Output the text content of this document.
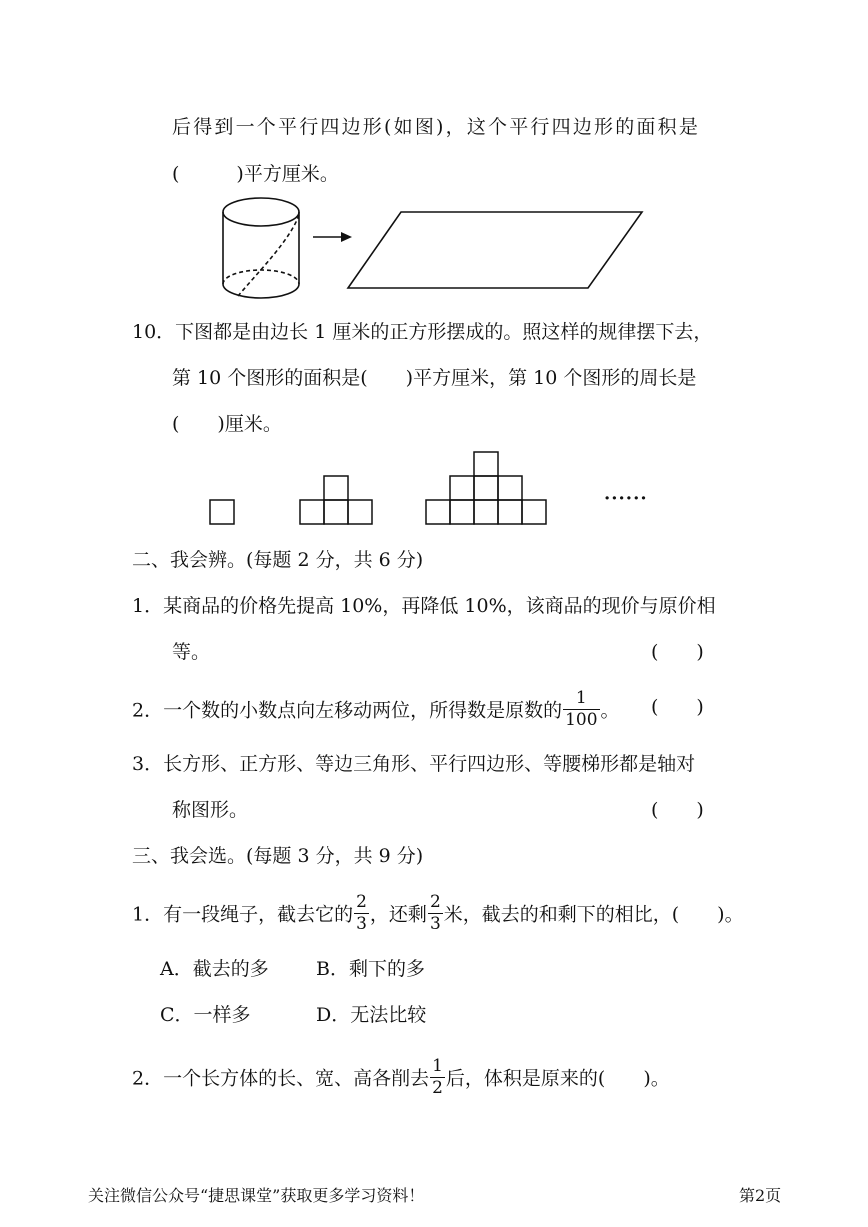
后得到一个平行四边形(如图)，这个平行四边形的面积是
(　　　)平方厘米。
10．下图都是由边长 1 厘米的正方形摆成的。照这样的规律摆下去，
第 10 个图形的面积是(　　)平方厘米，第 10 个图形的周长是
(　　)厘米。
······
二、我会辨。(每题 2 分，共 6 分)
1．某商品的价格先提高 10%，再降低 10%，该商品的现价与原价相
等。	(　　)
2．一个数的小数点向左移动两位，所得数是原数的 $\frac{1}{100}$ 。 (　　)
3．长方形、正方形、等边三角形、平行四边形、等腰梯形都是轴对
称图形。	(　　)
三、我会选。(每题 3 分，共 9 分)
1．有一段绳子，截去它的 $\frac{2}{3}$ ，还剩 $\frac{2}{3}$ 米，截去的和剩下的相比，(　　)。
A．截去的多 B．剩下的多
C．一样多	D．无法比较
2．一个长方体的长、宽、高各削去 $\frac{1}{2}$ 后，体积是原来的(　　)。
关注微信公众号“捷思课堂”获取更多学习资料！	第2页
